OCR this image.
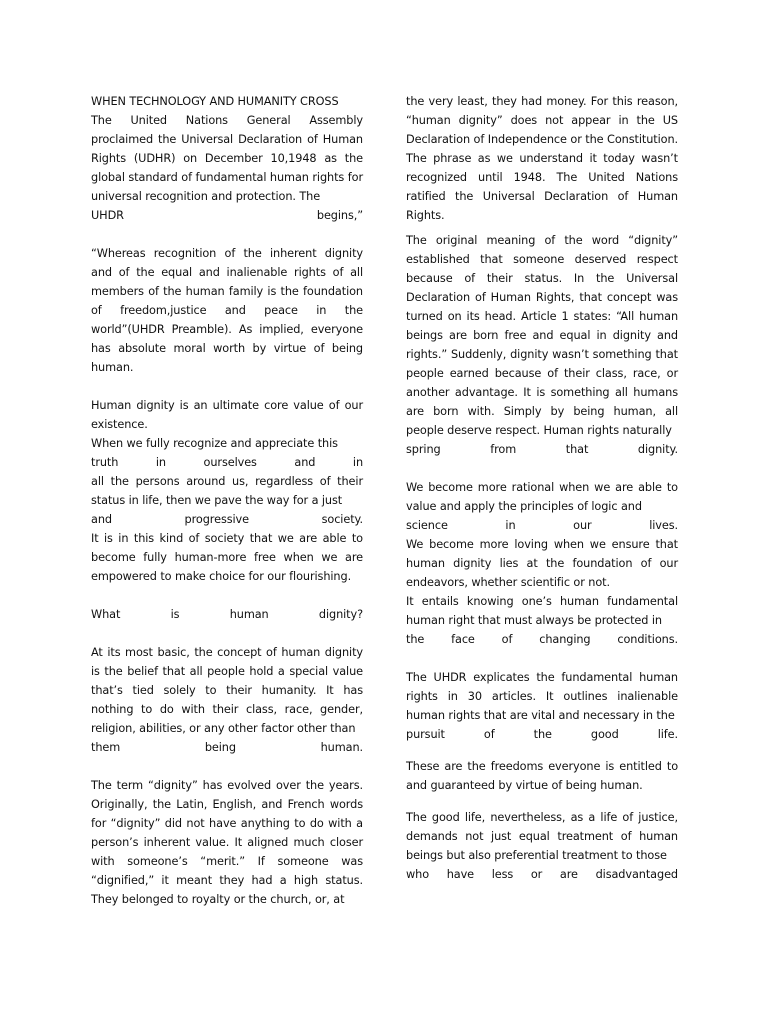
WHEN TECHNOLOGY AND HUMANITY CROSS

The United Nations General Assembly proclaimed the Universal Declaration of Human Rights (UDHR) on December 10,1948 as the global standard of fundamental human rights for universal recognition and protection. The

UHDR begins,”

“Whereas recognition of the inherent dignity and of the equal and inalienable rights of all members of the human family is the foundation of freedom,justice and peace in the world”(UHDR Preamble). As implied, everyone has absolute moral worth by virtue of being human.

Human dignity is an ultimate core value of our existence.

When we fully recognize and appreciate this

truth in ourselves and in

all the persons around us, regardless of their status in life, then we pave the way for a just

and progressive society.

It is in this kind of society that we are able to become fully human-more free when we are empowered to make choice for our flourishing.

What is human dignity?

At its most basic, the concept of human dignity is the belief that all people hold a special value that’s tied solely to their humanity. It has nothing to do with their class, race, gender, religion, abilities, or any other factor other than

them being human.

The term “dignity” has evolved over the years. Originally, the Latin, English, and French words for “dignity” did not have anything to do with a person’s inherent value. It aligned much closer with someone’s “merit.” If someone was “dignified,” it meant they had a high status. They belonged to royalty or the church, or, at

the very least, they had money. For this reason, “human dignity” does not appear in the US Declaration of Independence or the Constitution. The phrase as we understand it today wasn’t recognized until 1948. The United Nations ratified the Universal Declaration of Human Rights.

The original meaning of the word “dignity” established that someone deserved respect because of their status. In the Universal Declaration of Human Rights, that concept was turned on its head. Article 1 states: “All human beings are born free and equal in dignity and rights.” Suddenly, dignity wasn’t something that people earned because of their class, race, or another advantage. It is something all humans are born with. Simply by being human, all people deserve respect. Human rights naturally

spring from that dignity.

We become more rational when we are able to value and apply the principles of logic and

science in our lives.

We become more loving when we ensure that human dignity lies at the foundation of our endeavors, whether scientific or not.

It entails knowing one’s human fundamental human right that must always be protected in

the face of changing conditions.

The UHDR explicates the fundamental human rights in 30 articles. It outlines inalienable human rights that are vital and necessary in the

pursuit of the good life.

These are the freedoms everyone is entitled to and guaranteed by virtue of being human.

The good life, nevertheless, as a life of justice, demands not just equal treatment of human beings but also preferential treatment to those

who have less or are disadvantaged
